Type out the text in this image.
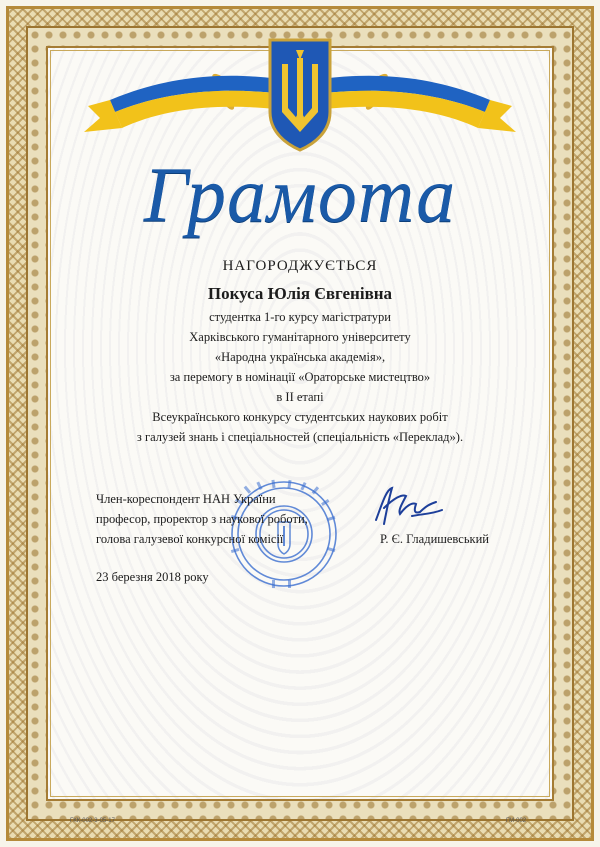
Грамота
НАГОРОДЖУЄТЬСЯ
Покуса Юлія Євгенівна
студентка 1-го курсу магістратури
Харківського гуманітарного університету
«Народна українська академія»,
за перемогу в номінації «Ораторське мистецтво»
в ІІ етапі
Всеукраїнського конкурсу студентських наукових робіт
з галузей знань і спеціальностей (спеціальність «Переклад»).
Член-кореспондент НАН України
професор, проректор з наукової роботи,
голова галузевої конкурсної комісії	Р. Є. Гладишевський
23 березня 2018 року
ГКК-002-3-05-17	ГМ-002
